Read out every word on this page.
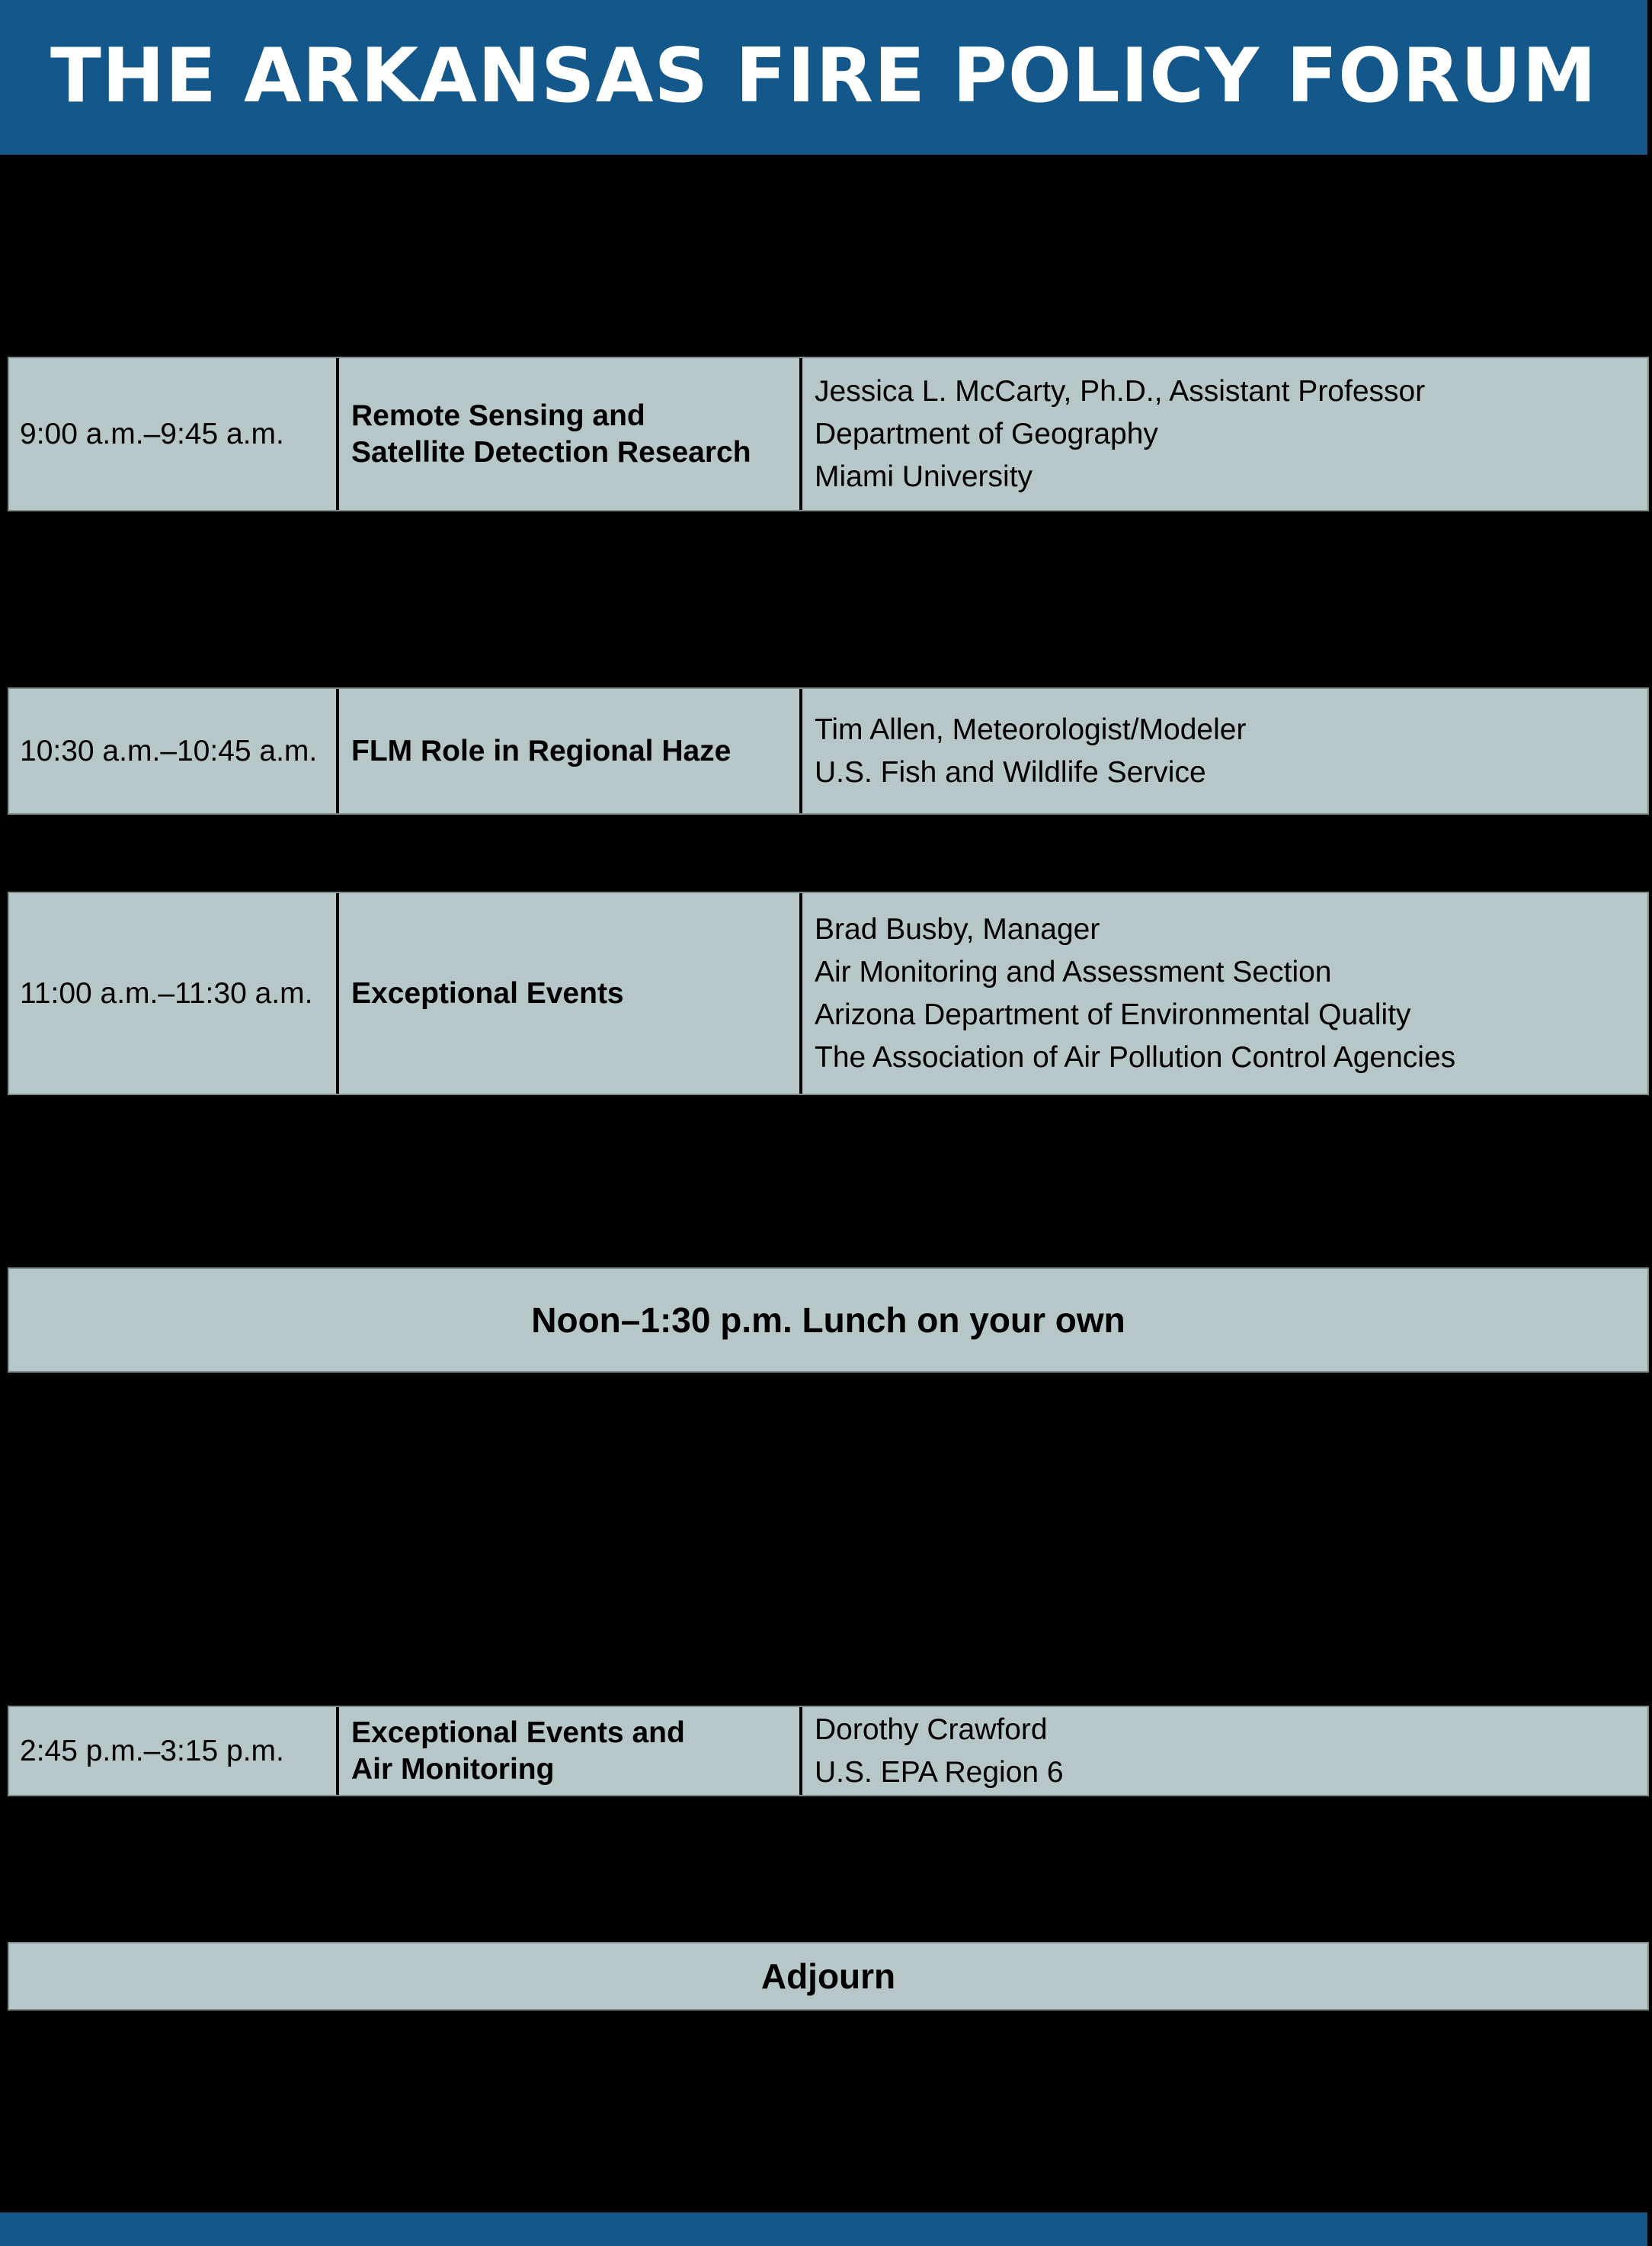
THE ARKANSAS FIRE POLICY FORUM
9:00 a.m.–9:45 a.m.
Remote Sensing and
Satellite Detection Research
Jessica L. McCarty, Ph.D., Assistant Professor
Department of Geography
Miami University
10:30 a.m.–10:45 a.m.	FLM Role in Regional Haze
Tim Allen, Meteorologist/Modeler
U.S. Fish and Wildlife Service
11:00 a.m.–11:30 a.m.	Exceptional Events
Brad Busby, Manager
Air Monitoring and Assessment Section
Arizona Department of Environmental Quality
The Association of Air Pollution Control Agencies
Noon–1:30 p.m. Lunch on your own
2:45 p.m.–3:15 p.m.
Exceptional Events and
Air Monitoring
Dorothy Crawford
U.S. EPA Region 6
Adjourn
